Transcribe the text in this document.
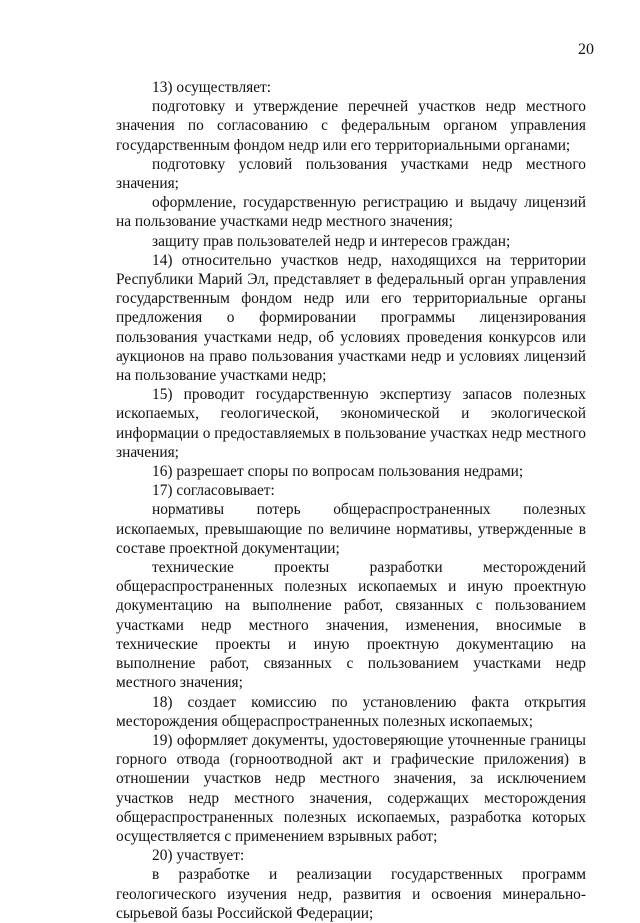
20

13) осуществляет:

подготовку и утверждение перечней участков недр местного значения по согласованию с федеральным органом управления государственным фондом недр или его территориальными органами;

подготовку условий пользования участками недр местного значения;

оформление, государственную регистрацию и выдачу лицензий на пользование участками недр местного значения;

защиту прав пользователей недр и интересов граждан;

14) относительно участков недр, находящихся на территории Республики Марий Эл, представляет в федеральный орган управления государственным фондом недр или его территориальные органы предложения о формировании программы лицензирования пользования участками недр, об условиях проведения конкурсов или аукционов на право пользования участками недр и условиях лицензий на пользование участками недр;

15) проводит государственную экспертизу запасов полезных ископаемых, геологической, экономической и экологической информации о предоставляемых в пользование участках недр местного значения;

16) разрешает споры по вопросам пользования недрами;

17) согласовывает:

нормативы потерь общераспространенных полезных ископаемых, превышающие по величине нормативы, утвержденные в составе проектной документации;

технические проекты разработки месторождений общераспространенных полезных ископаемых и иную проектную документацию на выполнение работ, связанных с пользованием участками недр местного значения, изменения, вносимые в технические проекты и иную проектную документацию на выполнение работ, связанных с пользованием участками недр местного значения;

18) создает комиссию по установлению факта открытия месторождения общераспространенных полезных ископаемых;

19) оформляет документы, удостоверяющие уточненные границы горного отвода (горноотводной акт и графические приложения) в отношении участков недр местного значения, за исключением участков недр местного значения, содержащих месторождения общераспространенных полезных ископаемых, разработка которых осуществляется с применением взрывных работ;

20) участвует:

в разработке и реализации государственных программ геологического изучения недр, развития и освоения минерально-сырьевой базы Российской Федерации;
